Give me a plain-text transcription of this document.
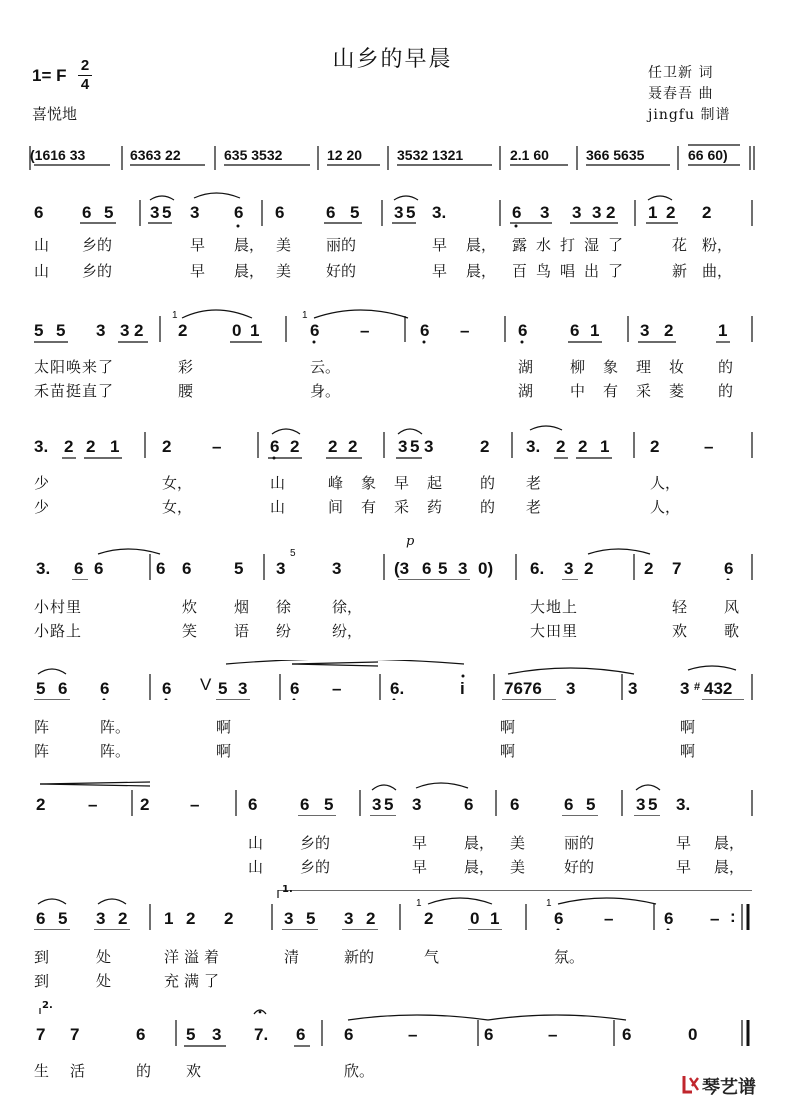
山乡的早晨
1= F
2
4
喜悦地
任卫新 词
聂春吾 曲
jingfu 制谱
(1616 33	6363 22	635 3532	12 20 3532 1321	2.1 60	366 5635	66 60)
6 6 5 3 5 3 6 6 6 5 3 5 3.	6 3 3 3 2 1 2 2
山 乡的	早 晨， 美 丽的	早 晨， 露水打湿了	花 粉，
山 乡的	早 晨， 美 好的	早 晨， 百鸟唱出了	新 曲，
5 5 3 3 2 2	0 1	6 –	6 –	6	6 1 3 2	1
1	1
太阳唤来了	彩	云。	湖 柳象理妆 的
禾苗挺直了	腰	身。	湖 中有采菱 的
3. 2 2 1	2 –	6 2 2 2 3 5 3	2 3. 2 2 1 2	–
少	女，	山	峰象早起 的 老	人，
少	女，	山	间有采药 的 老	人，
3. 6 6	6 6	5 3	3	(3 6 5 3 0) 6. 3 2	2 7	6
5
p
小村里	炊 烟 徐	徐，	大地上	轻 风
小路上	笑 语 纷	纷，	大田里	欢 歌
5 6 6	6 V 5 3	6 –	6.	i 7676 3	3	3 # 432
阵	阵。	啊	啊	啊
阵	阵。	啊	啊	啊
2	–	2 –	6	6 5 3 5 3	6 6	6 5 3 5 3.
山 乡的	早 晨， 美	丽的	早 晨，
山 乡的	早 晨， 美	好的	早 晨，
6 5 3 2 1 2 2	3 5 3 2	2 0 1	6 –	6 – :
1	1
1.
到	处	洋溢着	清	新的	气	氛。
到	处	充满了
7 7	6 5 3 7. 6 6	–	6	–	6	0
2.
生 活	的 欢	欣。
琴艺谱
